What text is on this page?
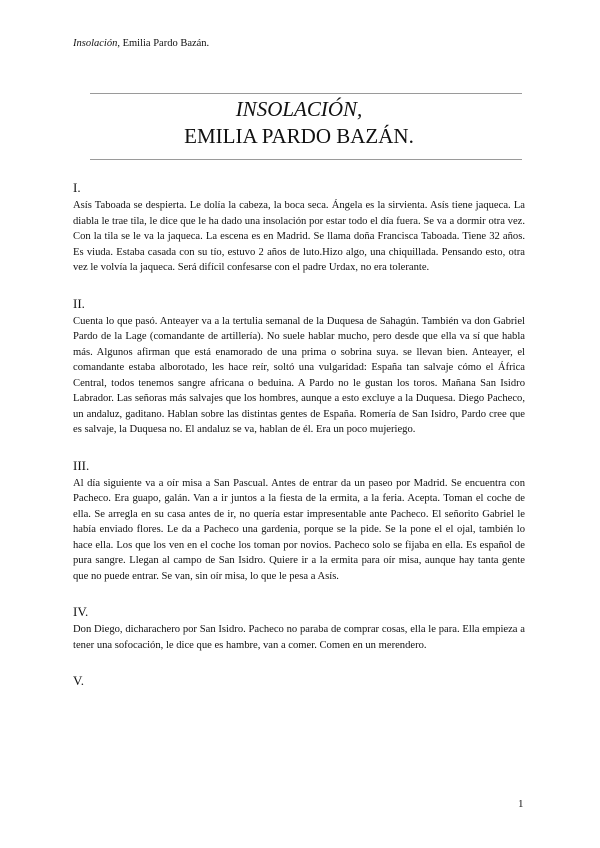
Insolación, Emilia Pardo Bazán.
INSOLACIÓN,
EMILIA PARDO BAZÁN.
I.

Asís Taboada se despierta. Le dolía la cabeza, la boca seca. Ángela es la sirvienta. Asís tiene jaqueca. La diabla le trae tila, le dice que le ha dado una insolación por estar todo el día fuera. Se va a dormir otra vez. Con la tila se le va la jaqueca. La escena es en Madrid. Se llama doña Francisca Taboada. Tiene 32 años. Es viuda. Estaba casada con su tío, estuvo 2 años de luto.Hizo algo, una chiquillada. Pensando esto, otra vez le volvía la jaqueca. Será difícil confesarse con el padre Urdax, no era tolerante.

II.

Cuenta lo que pasó. Anteayer va a la tertulia semanal de la Duquesa de Sahagún. También va don Gabriel Pardo de la Lage (comandante de artillería). No suele hablar mucho, pero desde que ella va sí que habla más. Algunos afirman que está enamorado de una prima o sobrina suya. se llevan bien. Anteayer, el comandante estaba alborotado, les hace reír, soltó una vulgaridad: España tan salvaje cómo el África Central, todos tenemos sangre africana o beduina. A Pardo no le gustan los toros. Mañana San Isidro Labrador. Las señoras más salvajes que los hombres, aunque a esto excluye a la Duquesa. Diego Pacheco, un andaluz, gaditano. Hablan sobre las distintas gentes de España. Romería de San Isidro, Pardo cree que es salvaje, la Duquesa no. El andaluz se va, hablan de él. Era un poco mujeriego.

III.

Al día siguiente va a oír misa a San Pascual. Antes de entrar da un paseo por Madrid. Se encuentra con Pacheco. Era guapo, galán. Van a ir juntos a la fiesta de la ermita, a la feria. Acepta. Toman el coche de ella. Se arregla en su casa antes de ir, no quería estar impresentable ante Pacheco. El señorito Gabriel le había enviado flores. Le da a Pacheco una gardenia, porque se la pide. Se la pone el el ojal, también lo hace ella. Los que los ven en el coche los toman por novios. Pacheco solo se fijaba en ella. Es español de pura sangre. Llegan al campo de San Isidro. Quiere ir a la ermita para oír misa, aunque hay tanta gente que no puede entrar. Se van, sin oír misa, lo que le pesa a Asís.

IV.

Don Diego, dicharachero por San Isidro. Pacheco no paraba de comprar cosas, ella le para. Ella empieza a tener una sofocación, le dice que es hambre, van a comer. Comen en un merendero.

V.
1
